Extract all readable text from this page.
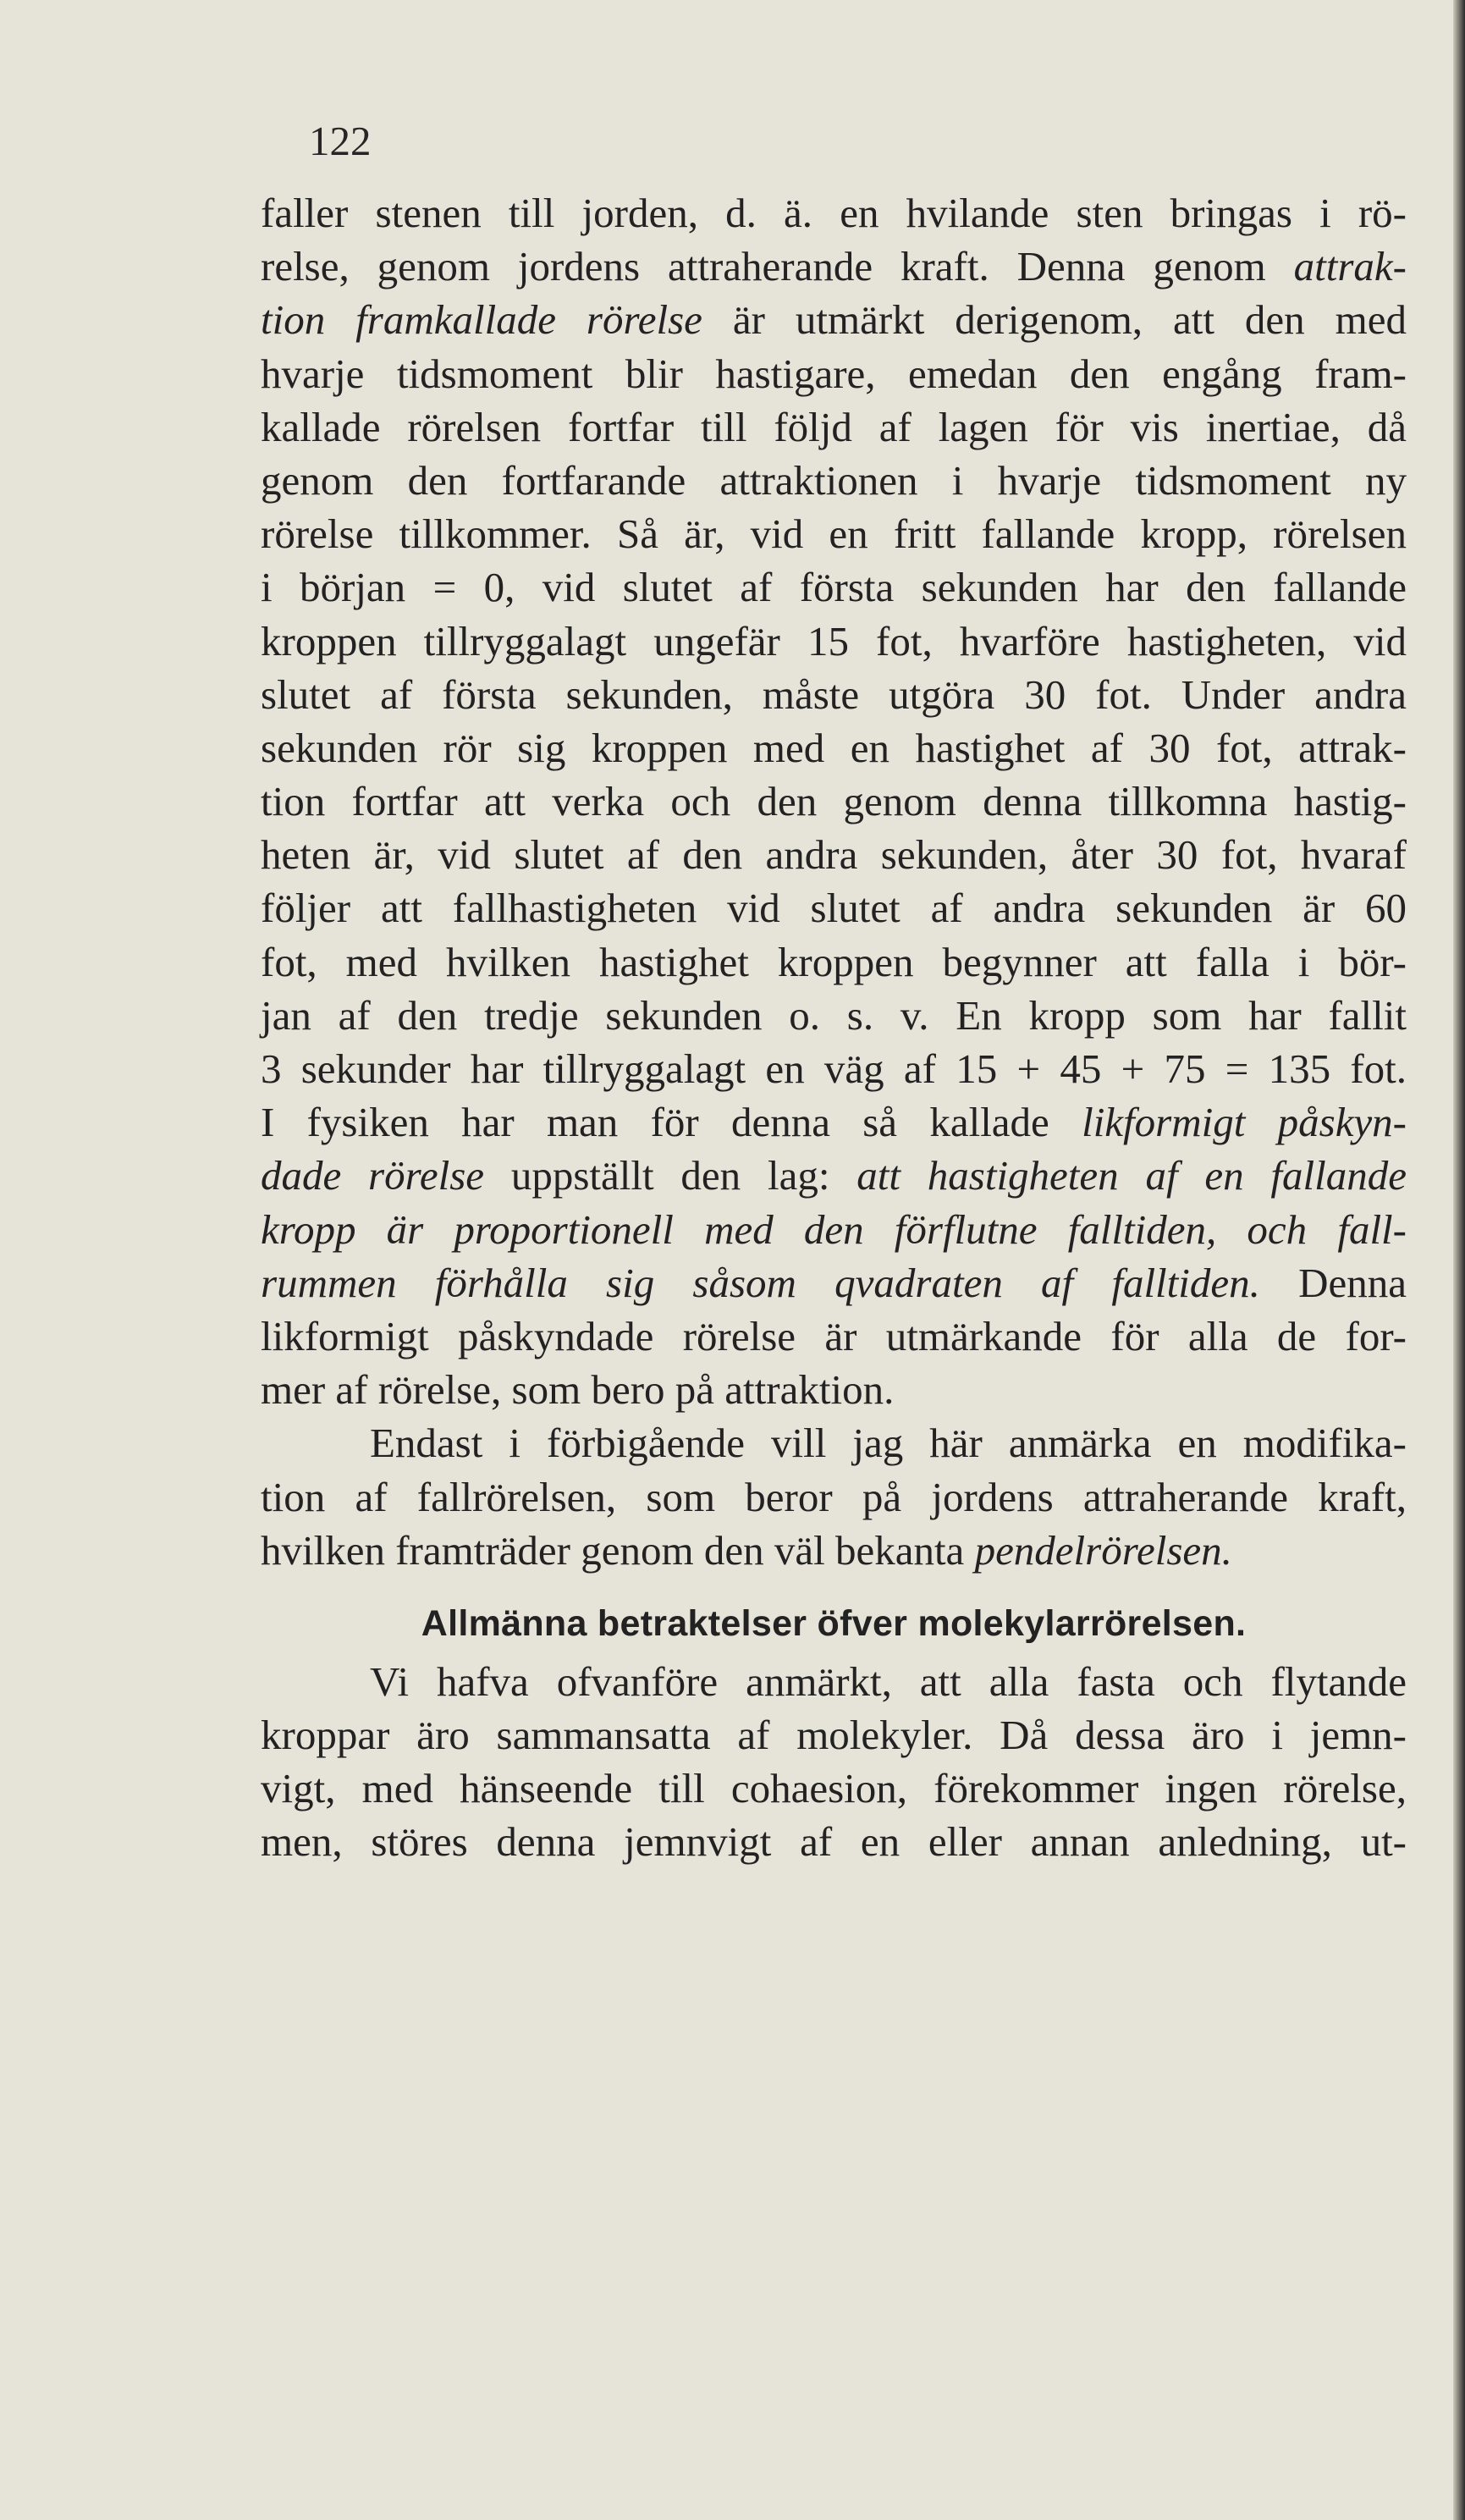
122
faller stenen till jorden, d. ä. en hvilande sten bringas i rö-
relse, genom jordens attraherande kraft. Denna genom attrak-
tion framkallade rörelse är utmärkt derigenom, att den med
hvarje tidsmoment blir hastigare, emedan den engång fram-
kallade rörelsen fortfar till följd af lagen för vis inertiae, då
genom den fortfarande attraktionen i hvarje tidsmoment ny
rörelse tillkommer. Så är, vid en fritt fallande kropp, rörelsen
i början = 0, vid slutet af första sekunden har den fallande
kroppen tillryggalagt ungefär 15 fot, hvarföre hastigheten, vid
slutet af första sekunden, måste utgöra 30 fot. Under andra
sekunden rör sig kroppen med en hastighet af 30 fot, attrak-
tion fortfar att verka och den genom denna tillkomna hastig-
heten är, vid slutet af den andra sekunden, åter 30 fot, hvaraf
följer att fallhastigheten vid slutet af andra sekunden är 60
fot, med hvilken hastighet kroppen begynner att falla i bör-
jan af den tredje sekunden o. s. v. En kropp som har fallit
3 sekunder har tillryggalagt en väg af 15 + 45 + 75 = 135 fot.
I fysiken har man för denna så kallade likformigt påskyn-
dade rörelse uppställt den lag: att hastigheten af en fallande
kropp är proportionell med den förflutne falltiden, och fall-
rummen förhålla sig såsom qvadraten af falltiden. Denna
likformigt påskyndade rörelse är utmärkande för alla de for-
mer af rörelse, som bero på attraktion.
Endast i förbigående vill jag här anmärka en modifika-
tion af fallrörelsen, som beror på jordens attraherande kraft,
hvilken framträder genom den väl bekanta pendelrörelsen.
Allmänna betraktelser öfver molekylarrörelsen.
Vi hafva ofvanföre anmärkt, att alla fasta och flytande
kroppar äro sammansatta af molekyler. Då dessa äro i jemn-
vigt, med hänseende till cohaesion, förekommer ingen rörelse,
men, störes denna jemnvigt af en eller annan anledning, ut-
